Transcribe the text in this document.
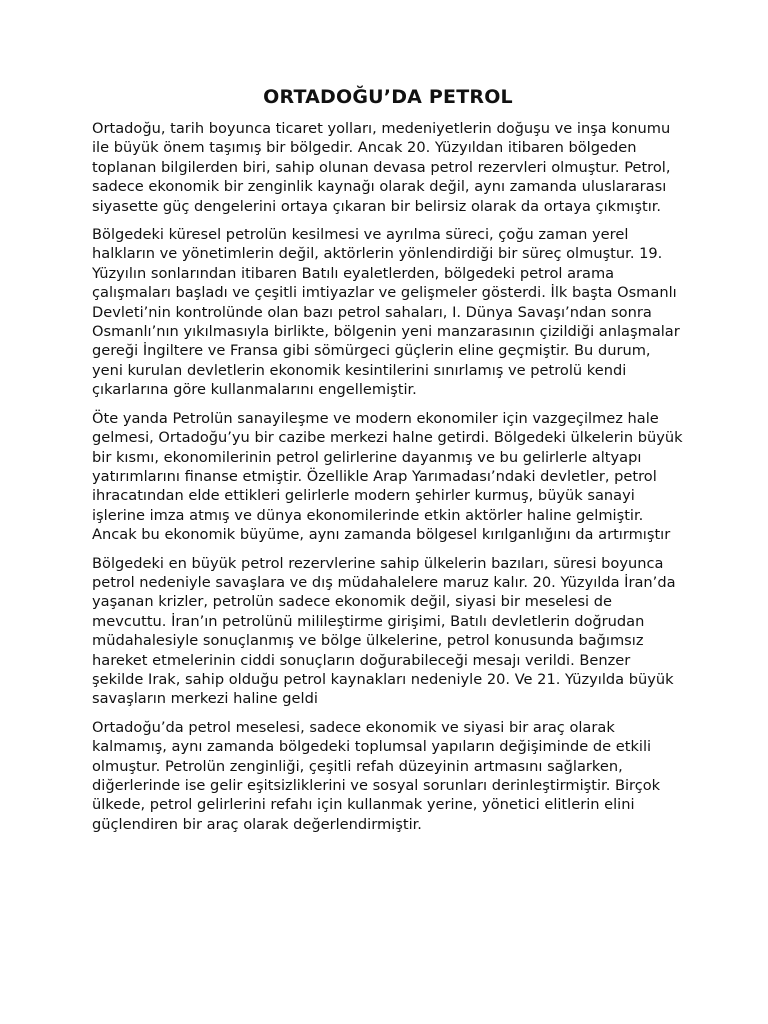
ORTADOĞU’DA PETROL

Ortadoğu, tarih boyunca ticaret yolları, medeniyetlerin doğuşu ve inşa konumu ile büyük önem taşımış bir bölgedir. Ancak 20. Yüzyıldan itibaren bölgeden toplanan bilgilerden biri, sahip olunan devasa petrol rezervleri olmuştur. Petrol, sadece ekonomik bir zenginlik kaynağı olarak değil, aynı zamanda uluslararası siyasette güç dengelerini ortaya çıkaran bir belirsiz olarak da ortaya çıkmıştır.

Bölgedeki küresel petrolün kesilmesi ve ayrılma süreci, çoğu zaman yerel halkların ve yönetimlerin değil, aktörlerin yönlendirdiği bir süreç olmuştur. 19. Yüzyılın sonlarından itibaren Batılı eyaletlerden, bölgedeki petrol arama çalışmaları başladı ve çeşitli imtiyazlar ve gelişmeler gösterdi. İlk başta Osmanlı Devleti’nin kontrolünde olan bazı petrol sahaları, I. Dünya Savaşı’ndan sonra Osmanlı’nın yıkılmasıyla birlikte, bölgenin yeni manzarasının çizildiği anlaşmalar gereği İngiltere ve Fransa gibi sömürgeci güçlerin eline geçmiştir. Bu durum, yeni kurulan devletlerin ekonomik kesintilerini sınırlamış ve petrolü kendi çıkarlarına göre kullanmalarını engellemiştir.

Öte yanda Petrolün sanayileşme ve modern ekonomiler için vazgeçilmez hale gelmesi, Ortadoğu’yu bir cazibe merkezi halne getirdi. Bölgedeki ülkelerin büyük bir kısmı, ekonomilerinin petrol gelirlerine dayanmış ve bu gelirlerle altyapı yatırımlarını finanse etmiştir. Özellikle Arap Yarımadası’ndaki devletler, petrol ihracatından elde ettikleri gelirlerle modern şehirler kurmuş, büyük sanayi işlerine imza atmış ve dünya ekonomilerinde etkin aktörler haline gelmiştir. Ancak bu ekonomik büyüme, aynı zamanda bölgesel kırılganlığını da artırmıştır

Bölgedeki en büyük petrol rezervlerine sahip ülkelerin bazıları, süresi boyunca petrol nedeniyle savaşlara ve dış müdahalelere maruz kalır. 20. Yüzyılda İran’da yaşanan krizler, petrolün sadece ekonomik değil, siyasi bir meselesi de mevcuttu. İran’ın petrolünü milileştirme girişimi, Batılı devletlerin doğrudan müdahalesiyle sonuçlanmış ve bölge ülkelerine, petrol konusunda bağımsız hareket etmelerinin ciddi sonuçların doğurabileceği mesajı verildi. Benzer şekilde Irak, sahip olduğu petrol kaynakları nedeniyle 20. Ve 21. Yüzyılda büyük savaşların merkezi haline geldi

Ortadoğu’da petrol meselesi, sadece ekonomik ve siyasi bir araç olarak kalmamış, aynı zamanda bölgedeki toplumsal yapıların değişiminde de etkili olmuştur. Petrolün zenginliği, çeşitli refah düzeyinin artmasını sağlarken, diğerlerinde ise gelir eşitsizliklerini ve sosyal sorunları derinleştirmiştir. Birçok ülkede, petrol gelirlerini refahı için kullanmak yerine, yönetici elitlerin elini güçlendiren bir araç olarak değerlendirmiştir.
